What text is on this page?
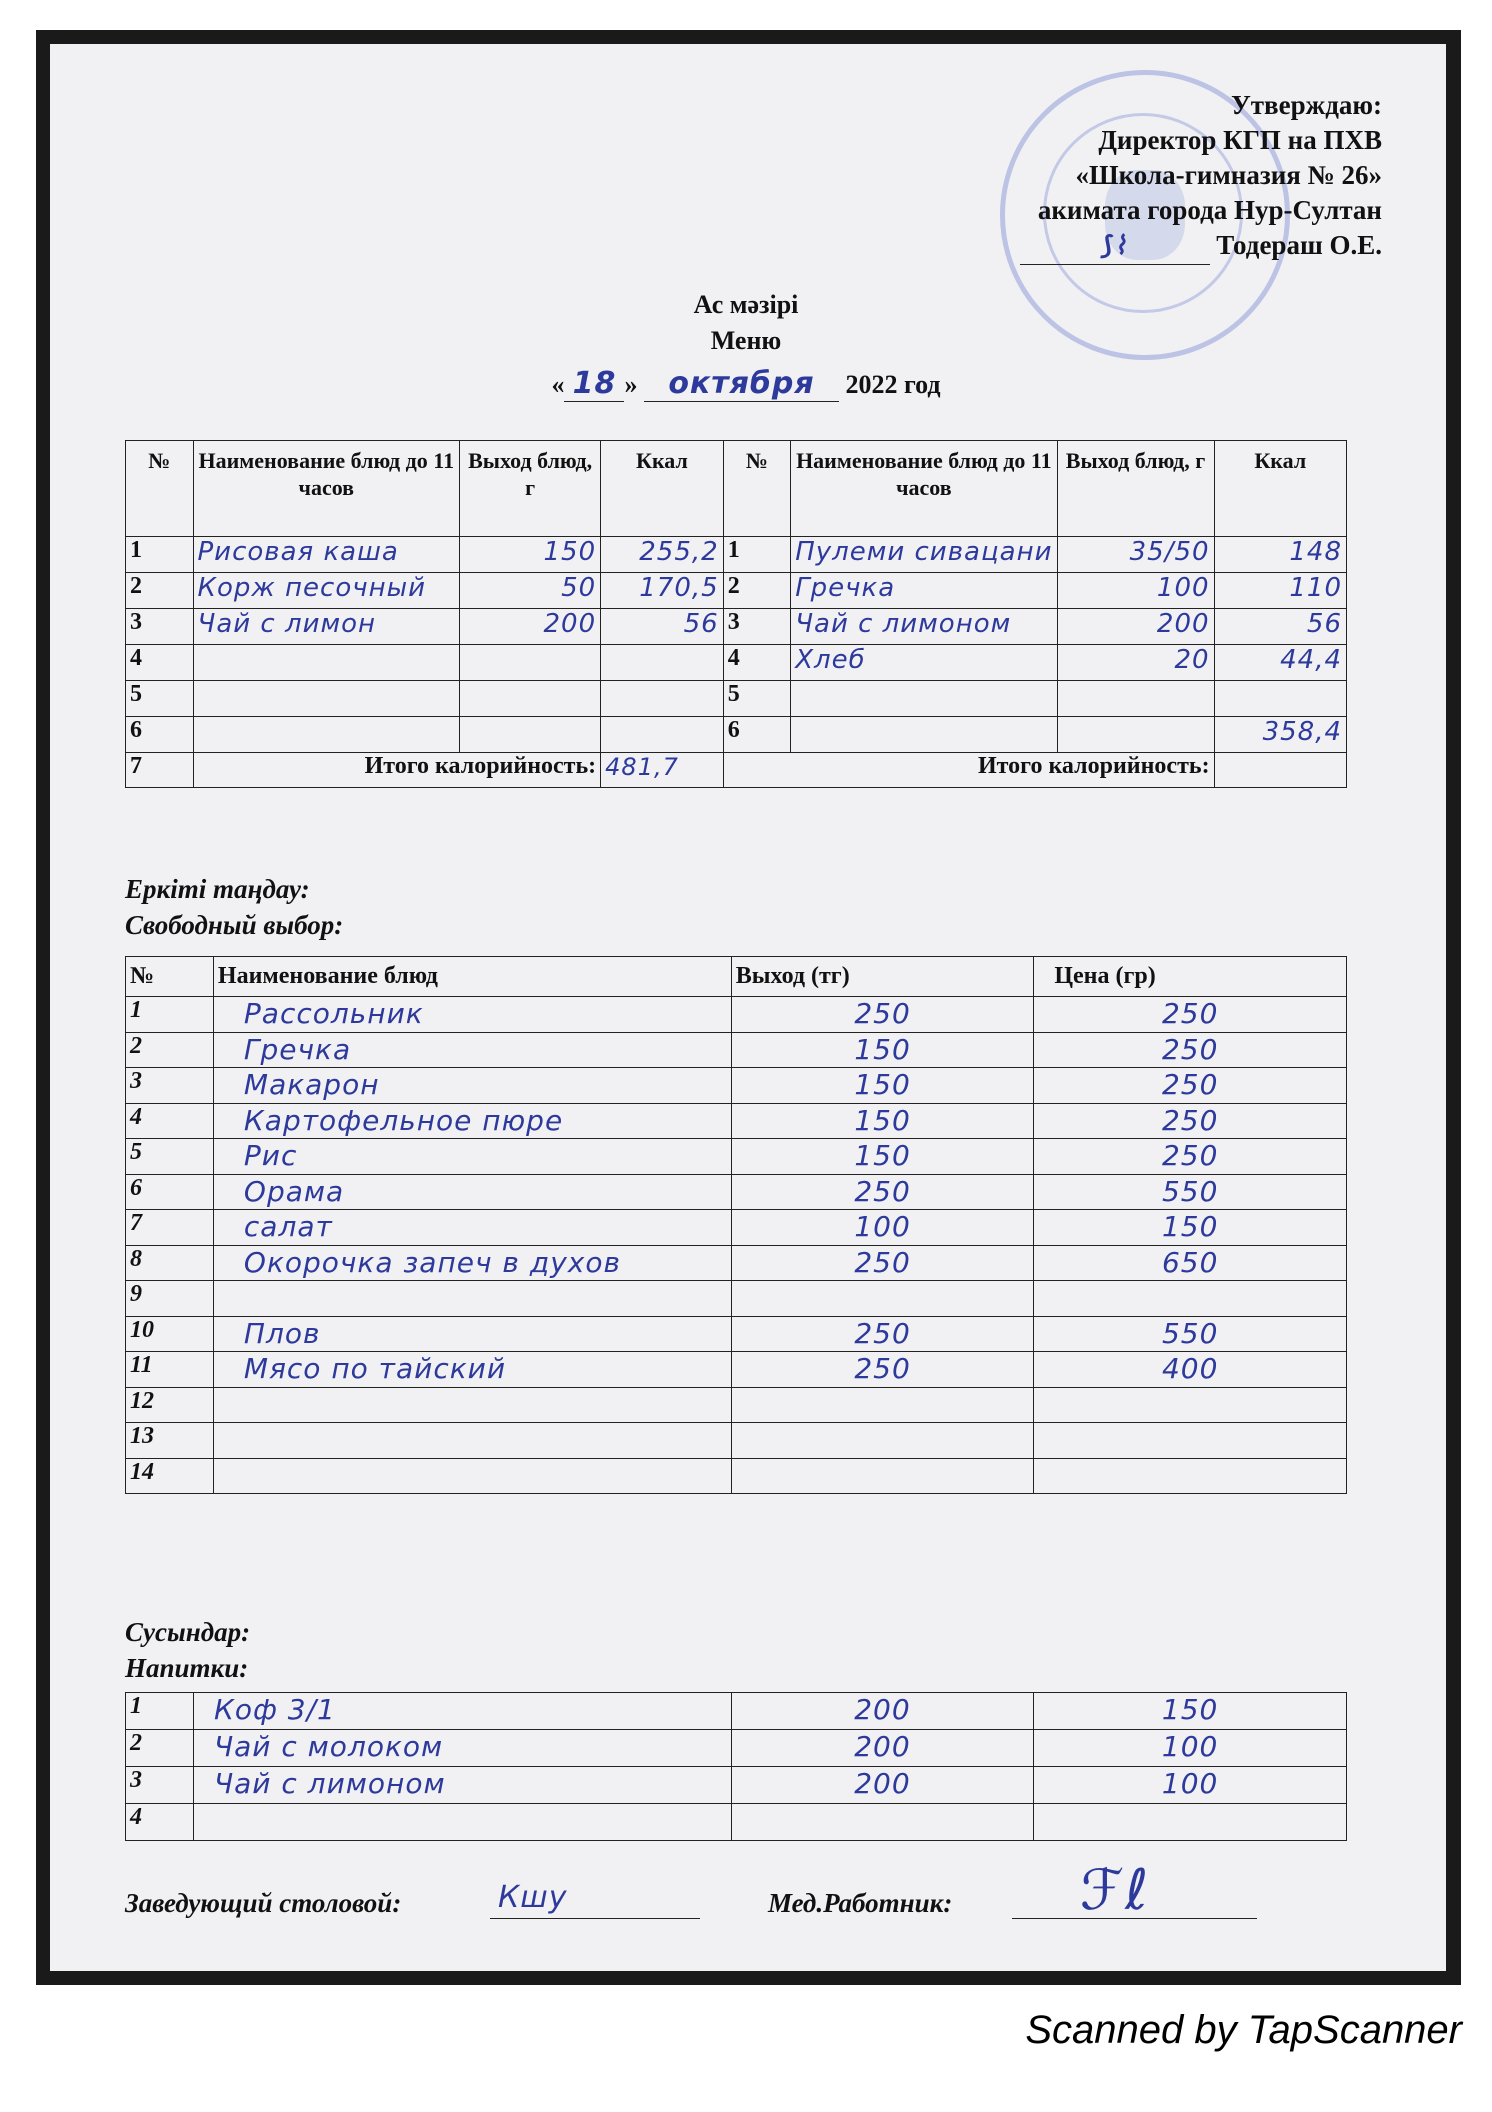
Утверждаю:
Директор КГП на ПХВ
«Школа-гимназия № 26»
акимата города Нур-Султан
⟆⌇	Тодераш О.Е.
Ас мәзірі
Меню
« 18 » октября 2022 год
№	Наименование блюд до 11 часов	Выход блюд, г	Ккал	№	Наименование блюд до 11 часов	Выход блюд, г	Ккал
1	Рисовая каша	150	255,2	1	Пулеми сивацани	35/50	148
2	Корж песочный	50	170,5	2	Гречка	100	110
3	Чай с лимон	200	56	3	Чай с лимоном	200	56
4				4	Хлеб	20	44,4
5				5			
6				6			358,4
7	Итого калорийность:		481,7	Итого калорийность:			
Еркіті таңдау:
Свободный выбор:
№	Наименование блюд	Выход (тг)	Цена (гр)
1	Рассольник	250	250
2	Гречка	150	250
3	Макарон	150	250
4	Картофельное пюре	150	250
5	Рис	150	250
6	Орама	250	550
7	салат	100	150
8	Окорочка запеч в духов	250	650
9			
10	Плов	250	550
11	Мясо по тайский	250	400
12			
13			
14			
Сусындар:
Напитки:
1	Коф 3/1	200	150
2	Чай с молоком	200	100
3	Чай с лимоном	200	100
4			
Заведующий столовой:	Кшу	Мед.Работник: ℱℓ
Scanned by TapScanner
